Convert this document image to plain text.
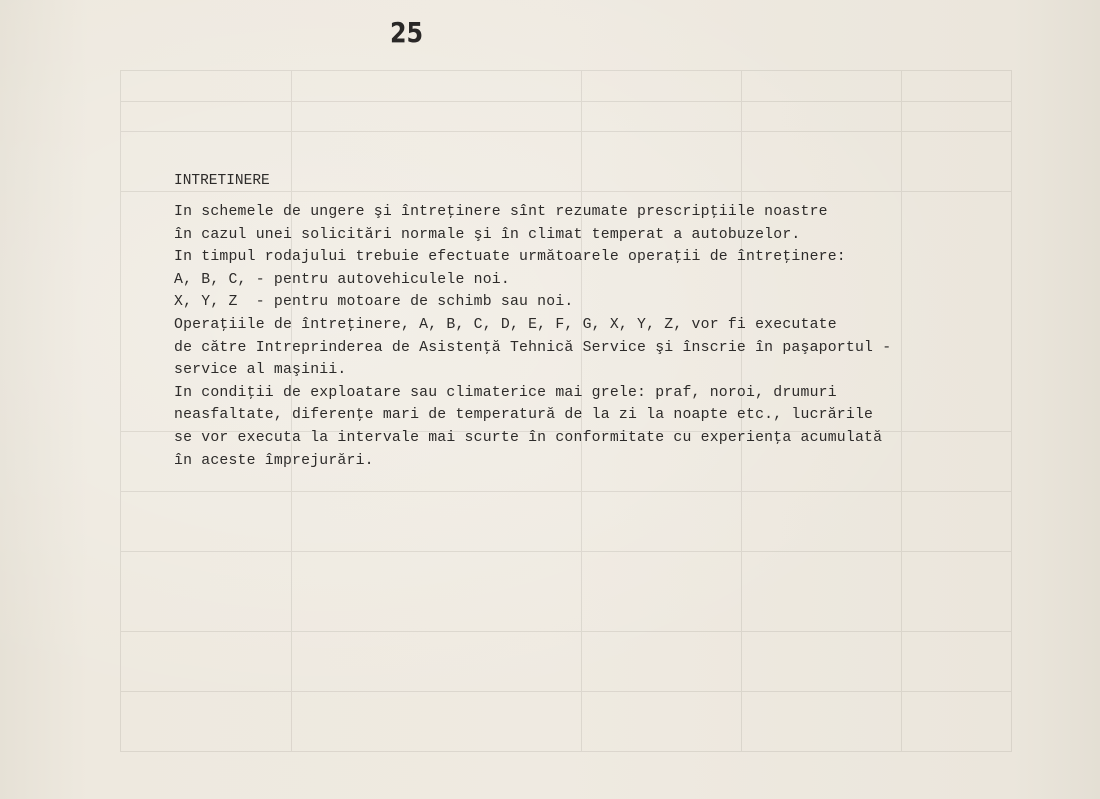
25
INTRETINERE
In schemele de ungere şi întreţinere sînt rezumate prescripţiile noastre
în cazul unei solicitări normale şi în climat temperat a autobuzelor.
In timpul rodajului trebuie efectuate următoarele operaţii de întreţinere:
A, B, C, - pentru autovehiculele noi.
X, Y, Z  - pentru motoare de schimb sau noi.
Operaţiile de întreţinere, A, B, C, D, E, F, G, X, Y, Z, vor fi executate
de către Intreprinderea de Asistenţă Tehnică Service şi înscrie în paşaportul -
service al maşinii.
In condiţii de exploatare sau climaterice mai grele: praf, noroi, drumuri
neasfaltate, diferenţe mari de temperatură de la zi la noapte etc., lucrările
se vor executa la intervale mai scurte în conformitate cu experienţa acumulată
în aceste împrejurări.
